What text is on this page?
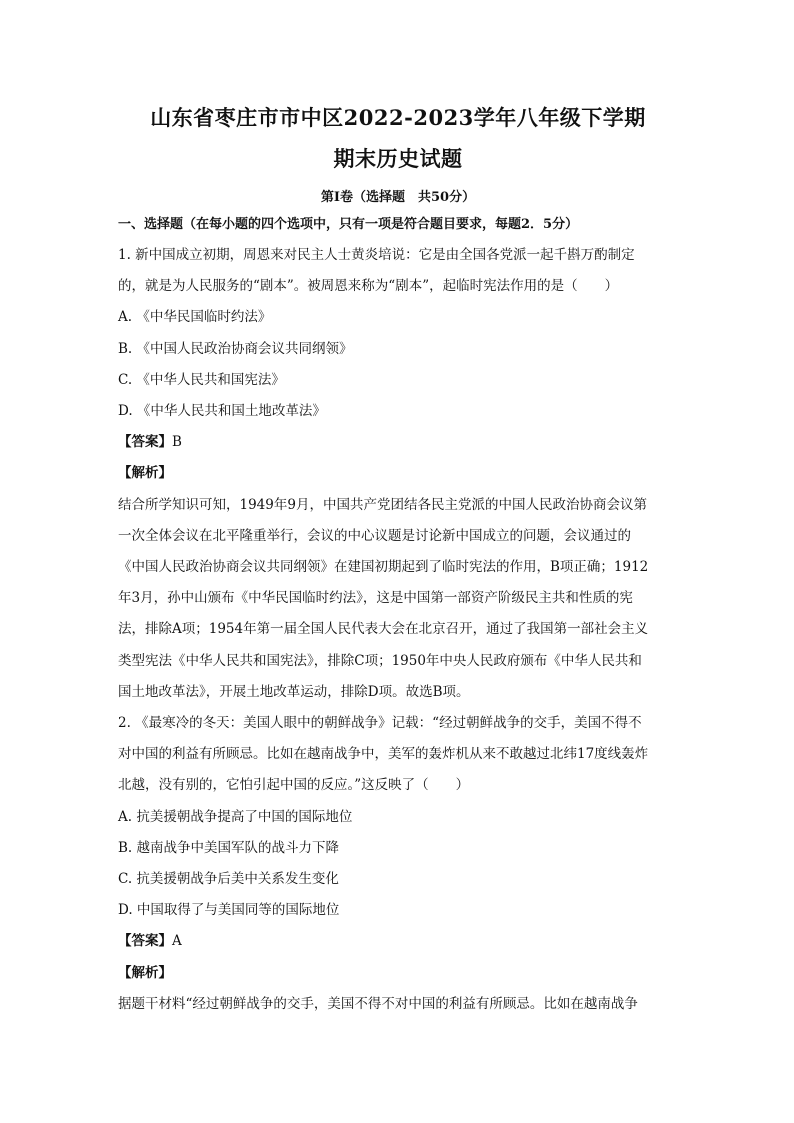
山东省枣庄市市中区2022-2023学年八年级下学期
期末历史试题
第Ⅰ卷（选择题　共50分）
一、选择题（在每小题的四个选项中，只有一项是符合题目要求，每题2．5分）
1. 新中国成立初期，周恩来对民主人士黄炎培说：它是由全国各党派一起千斟万酌制定
的，就是为人民服务的“剧本”。被周恩来称为“剧本”，起临时宪法作用的是（　　）
A. 《中华民国临时约法》
B. 《中国人民政治协商会议共同纲领》
C. 《中华人民共和国宪法》
D. 《中华人民共和国土地改革法》
【答案】B
【解析】
结合所学知识可知，1949年9月，中国共产党团结各民主党派的中国人民政治协商会议第
一次全体会议在北平隆重举行，会议的中心议题是讨论新中国成立的问题，会议通过的
《中国人民政治协商会议共同纲领》在建国初期起到了临时宪法的作用，B项正确；1912
年3月，孙中山颁布《中华民国临时约法》，这是中国第一部资产阶级民主共和性质的宪
法，排除A项；1954年第一届全国人民代表大会在北京召开，通过了我国第一部社会主义
类型宪法《中华人民共和国宪法》，排除C项；1950年中央人民政府颁布《中华人民共和
国土地改革法》，开展土地改革运动，排除D项。故选B项。
2. 《最寒冷的冬天：美国人眼中的朝鲜战争》记载：“经过朝鲜战争的交手，美国不得不
对中国的利益有所顾忌。比如在越南战争中，美军的轰炸机从来不敢越过北纬17度线轰炸
北越，没有别的，它怕引起中国的反应。”这反映了（　　）
A. 抗美援朝战争提高了中国的国际地位
B. 越南战争中美国军队的战斗力下降
C. 抗美援朝战争后美中关系发生变化
D. 中国取得了与美国同等的国际地位
【答案】A
【解析】
据题干材料“经过朝鲜战争的交手，美国不得不对中国的利益有所顾忌。比如在越南战争
